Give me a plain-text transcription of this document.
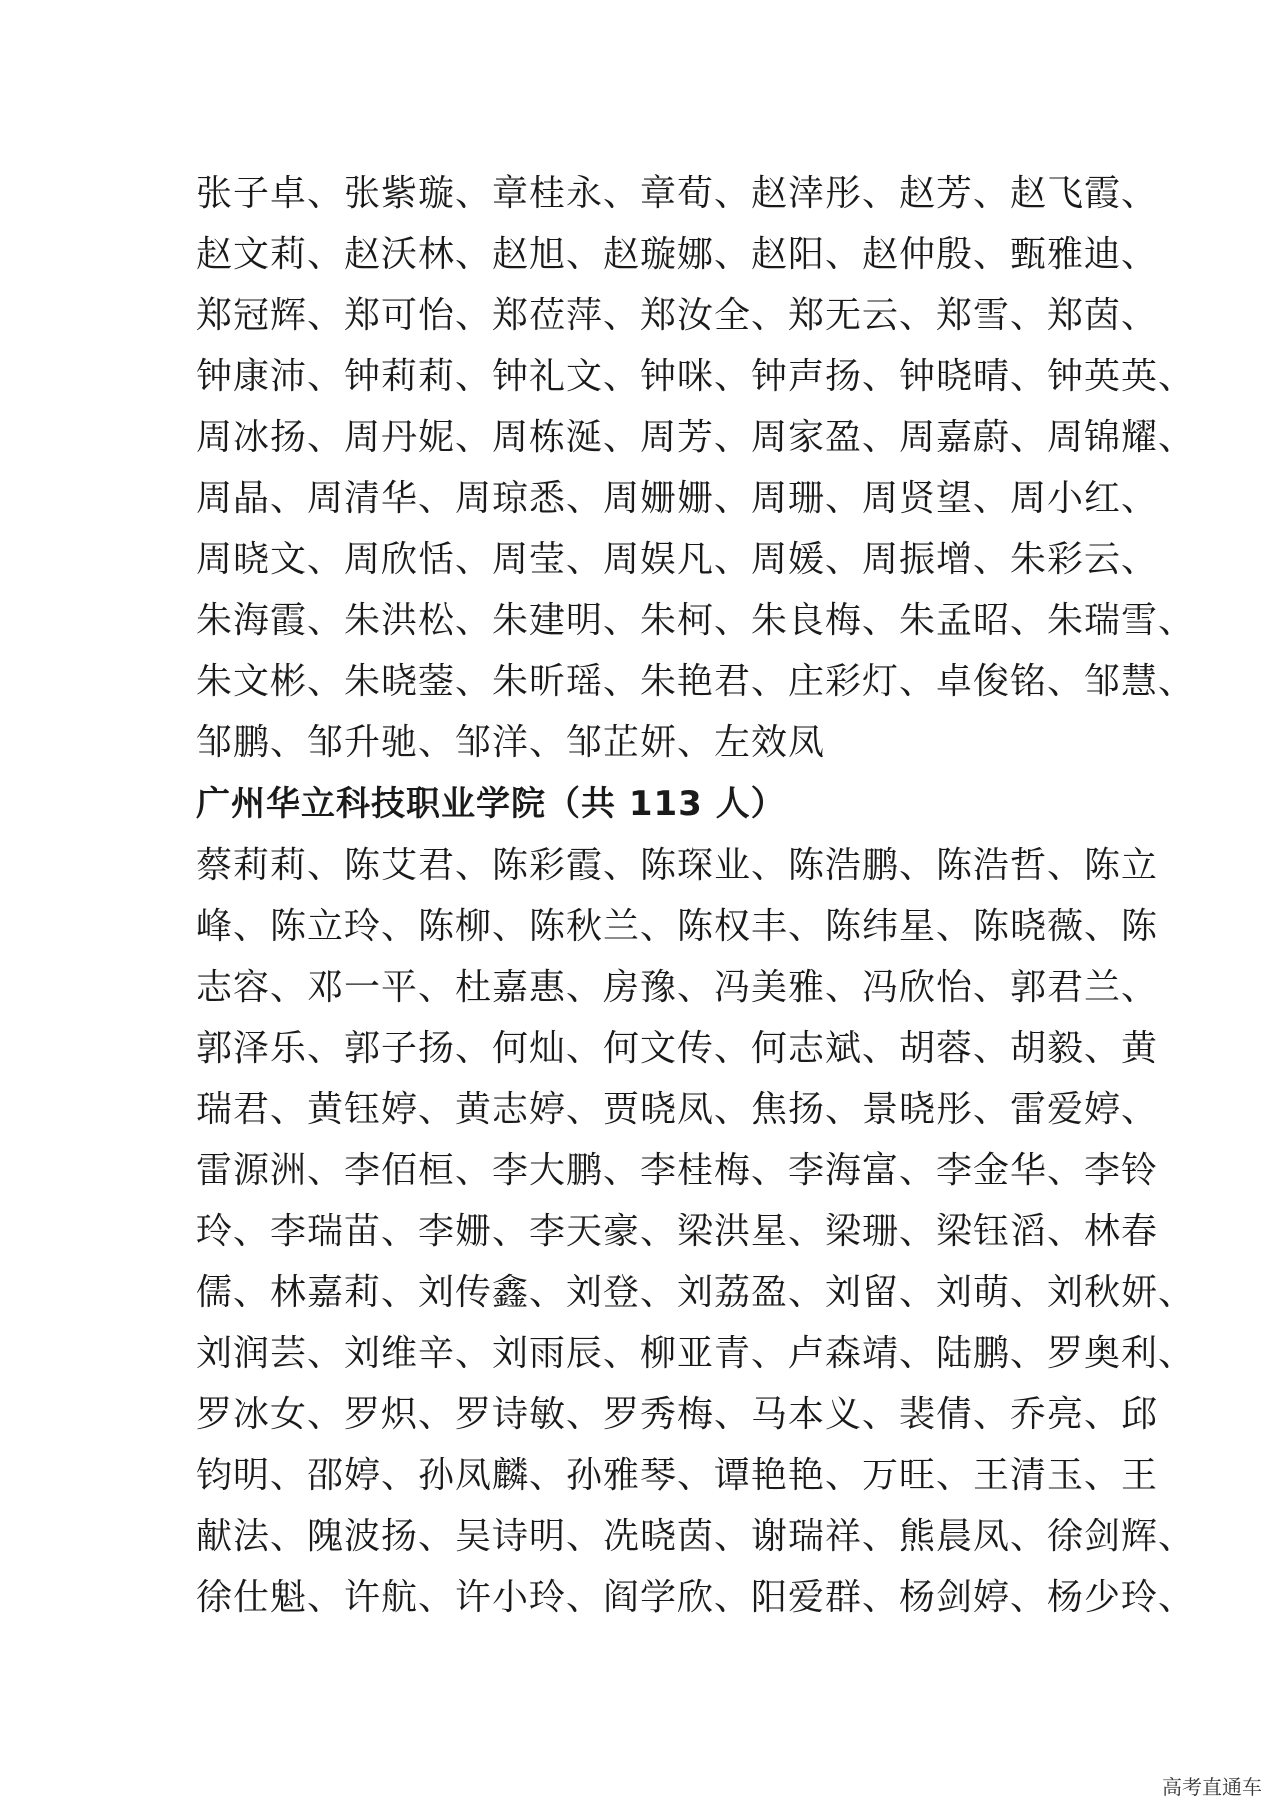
张子卓、张紫璇、章桂永、章荀、赵涬彤、赵芳、赵飞霞、
赵文莉、赵沃林、赵旭、赵璇娜、赵阳、赵仲殷、甄雅迪、
郑冠辉、郑可怡、郑莅萍、郑汝全、郑无云、郑雪、郑茵、
钟康沛、钟莉莉、钟礼文、钟咪、钟声扬、钟晓晴、钟英英、
周冰扬、周丹妮、周栋涎、周芳、周家盈、周嘉蔚、周锦耀、
周晶、周清华、周琼悉、周姗姗、周珊、周贤望、周小红、
周晓文、周欣恬、周莹、周娱凡、周媛、周振增、朱彩云、
朱海霞、朱洪松、朱建明、朱柯、朱良梅、朱孟昭、朱瑞雪、
朱文彬、朱晓蓥、朱昕瑶、朱艳君、庄彩灯、卓俊铭、邹慧、
邹鹏、邹升驰、邹洋、邹芷妍、左效凤
广州华立科技职业学院（共 113 人）
蔡莉莉、陈艾君、陈彩霞、陈琛业、陈浩鹏、陈浩哲、陈立
峰、陈立玲、陈柳、陈秋兰、陈权丰、陈纬星、陈晓薇、陈
志容、邓一平、杜嘉惠、房豫、冯美雅、冯欣怡、郭君兰、
郭泽乐、郭子扬、何灿、何文传、何志斌、胡蓉、胡毅、黄
瑞君、黄钰婷、黄志婷、贾晓凤、焦扬、景晓彤、雷爱婷、
雷源洲、李佰桓、李大鹏、李桂梅、李海富、李金华、李铃
玲、李瑞苗、李姗、李天豪、梁洪星、梁珊、梁钰滔、林春
儒、林嘉莉、刘传鑫、刘登、刘荔盈、刘留、刘萌、刘秋妍、
刘润芸、刘维辛、刘雨辰、柳亚青、卢森靖、陆鹏、罗奥利、
罗冰女、罗炽、罗诗敏、罗秀梅、马本义、裴倩、乔亮、邱
钧明、邵婷、孙凤麟、孙雅琴、谭艳艳、万旺、王清玉、王
献法、隗波扬、吴诗明、冼晓茵、谢瑞祥、熊晨凤、徐剑辉、
徐仕魁、许航、许小玲、阎学欣、阳爱群、杨剑婷、杨少玲、
高考直通车
